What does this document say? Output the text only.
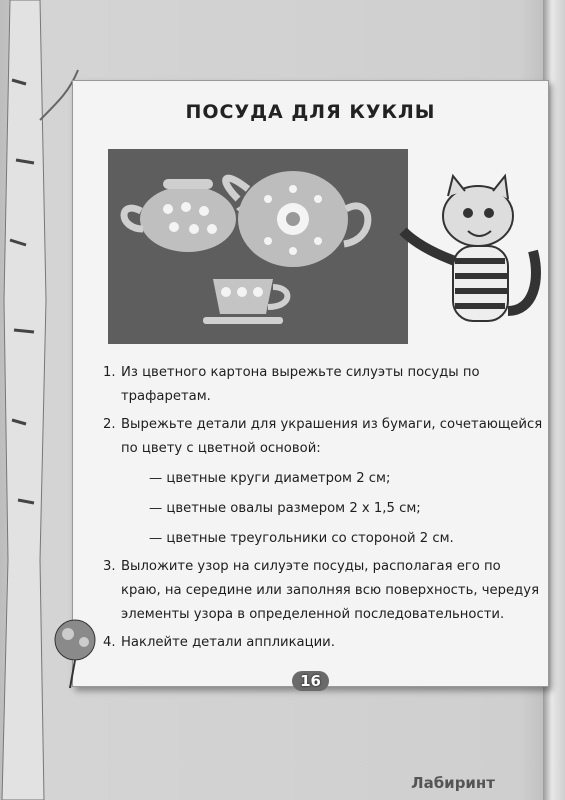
ПОСУДА ДЛЯ КУКЛЫ
1. Из цветного картона вырежьте силуэты посуды по трафаретам.
2. Вырежьте детали для украшения из бумаги, сочетающейся по цвету с цветной основой:
— цветные круги диаметром 2 см;
— цветные овалы размером 2 х 1,5 см;
— цветные треугольники со стороной 2 см.
3. Выложите узор на силуэте посуды, располагая его по краю, на середине или заполняя всю поверхность, чередуя элементы узора в определенной последовательности.
4. Наклейте детали аппликации.
16
Лабиринт
